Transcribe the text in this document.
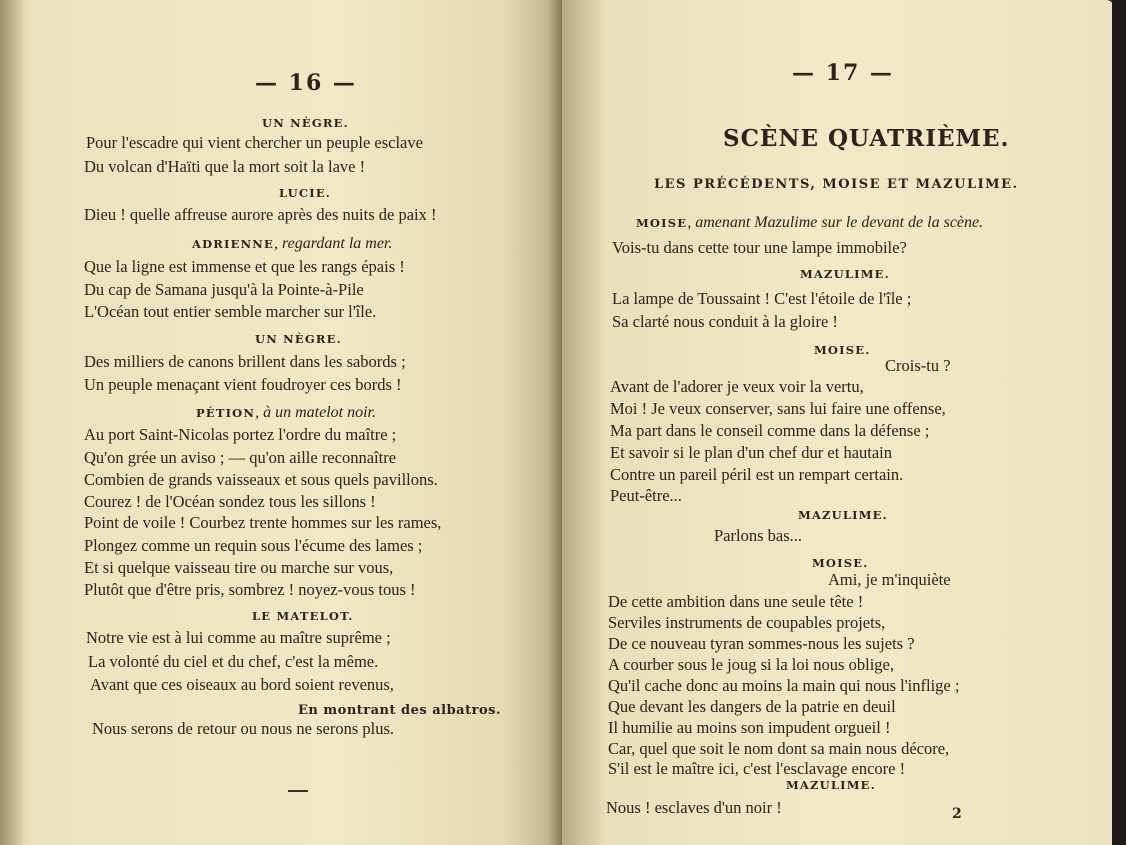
— 16 —
UN NÈGRE.
Pour l'escadre qui vient chercher un peuple esclave
Du volcan d'Haïti que la mort soit la lave !
LUCIE.
Dieu ! quelle affreuse aurore après des nuits de paix !
ADRIENNE, regardant la mer.
Que la ligne est immense et que les rangs épais !
Du cap de Samana jusqu'à la Pointe-à-Pile
L'Océan tout entier semble marcher sur l'île.
UN NÈGRE.
Des milliers de canons brillent dans les sabords ;
Un peuple menaçant vient foudroyer ces bords !
PÉTION, à un matelot noir.
Au port Saint-Nicolas portez l'ordre du maître ;
Qu'on grée un aviso ; — qu'on aille reconnaître
Combien de grands vaisseaux et sous quels pavillons.
Courez ! de l'Océan sondez tous les sillons !
Point de voile ! Courbez trente hommes sur les rames,
Plongez comme un requin sous l'écume des lames ;
Et si quelque vaisseau tire ou marche sur vous,
Plutôt que d'être pris, sombrez ! noyez-vous tous !
LE MATELOT.
Notre vie est à lui comme au maître suprême ;
La volonté du ciel et du chef, c'est la même.
Avant que ces oiseaux au bord soient revenus,
En montrant des albatros.
Nous serons de retour ou nous ne serons plus.
— 17 —
SCÈNE QUATRIÈME.
LES PRÉCÉDENTS, MOISE ET MAZULIME.
MOISE, amenant Mazulime sur le devant de la scène.
Vois-tu dans cette tour une lampe immobile?
MAZULIME.
La lampe de Toussaint ! C'est l'étoile de l'île ;
Sa clarté nous conduit à la gloire !
MOISE.
Crois-tu ?
Avant de l'adorer je veux voir la vertu,
Moi ! Je veux conserver, sans lui faire une offense,
Ma part dans le conseil comme dans la défense ;
Et savoir si le plan d'un chef dur et hautain
Contre un pareil péril est un rempart certain.
Peut-être...
MAZULIME.
Parlons bas...
MOISE.
Ami, je m'inquiète
De cette ambition dans une seule tête !
Serviles instruments de coupables projets,
De ce nouveau tyran sommes-nous les sujets ?
A courber sous le joug si la loi nous oblige,
Qu'il cache donc au moins la main qui nous l'inflige ;
Que devant les dangers de la patrie en deuil
Il humilie au moins son impudent orgueil !
Car, quel que soit le nom dont sa main nous décore,
S'il est le maître ici, c'est l'esclavage encore !
MAZULIME.
Nous ! esclaves d'un noir !	2
